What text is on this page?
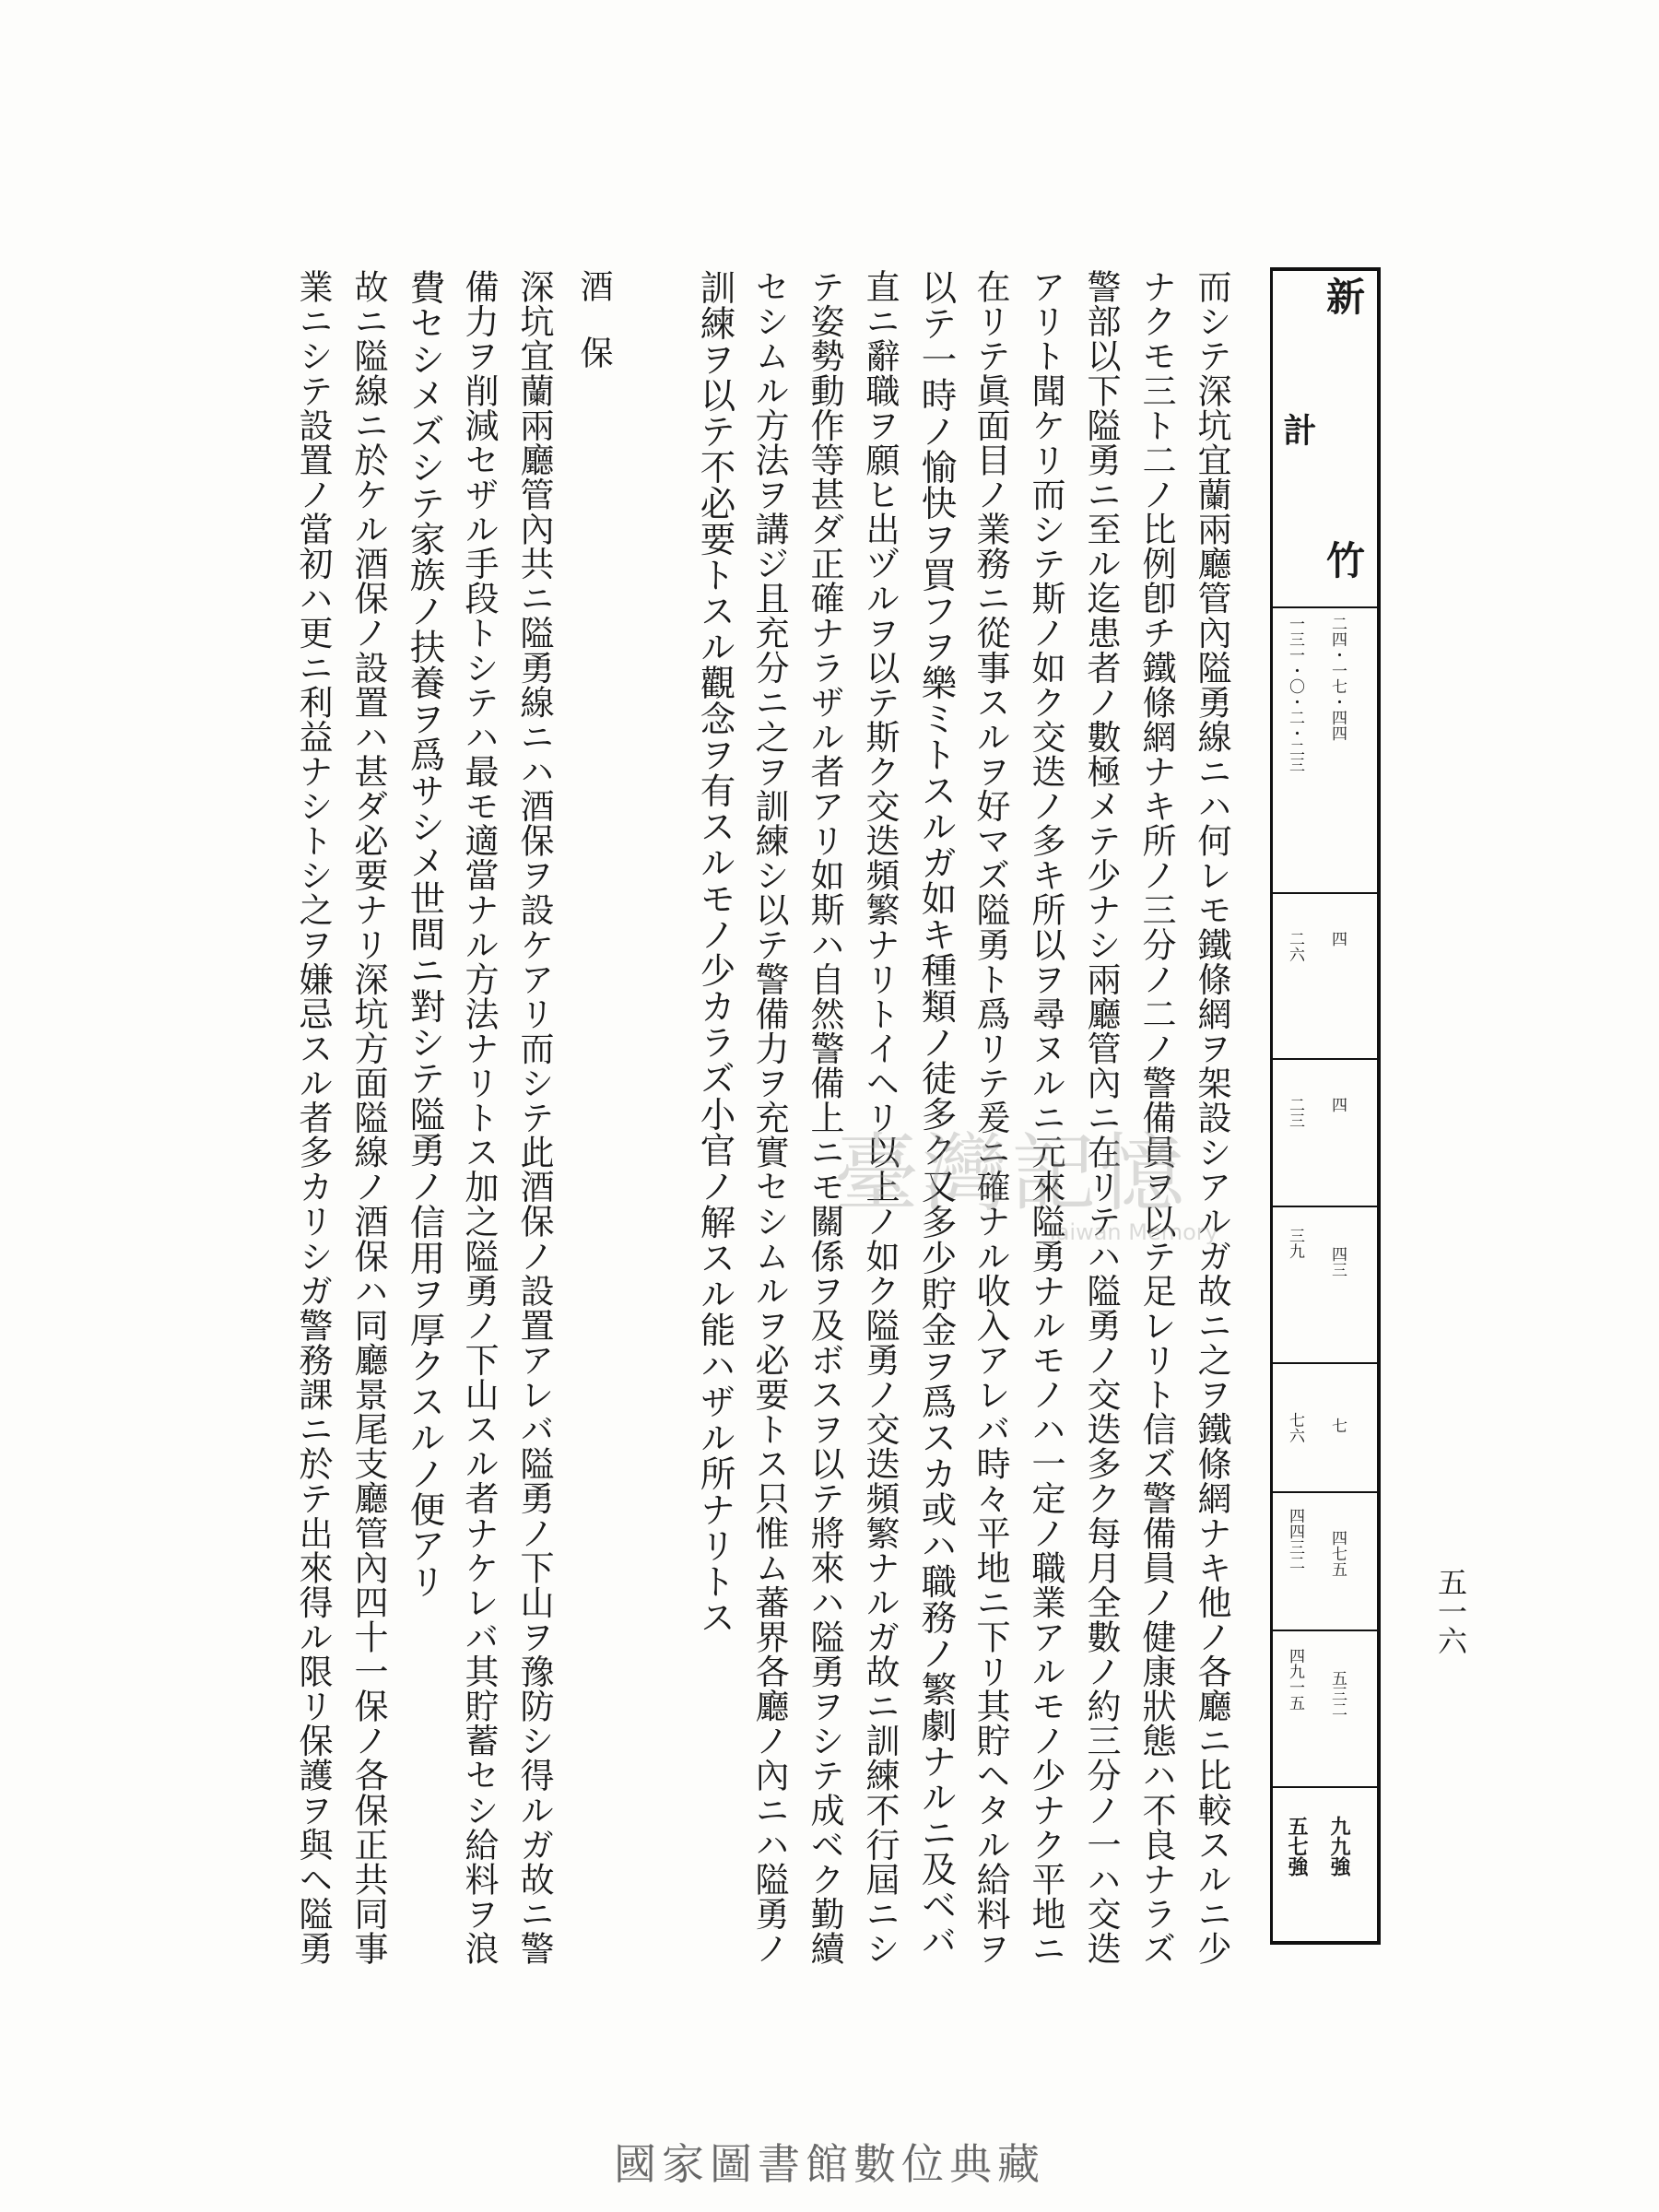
新
竹
計
二四・一七・四四
四
四
四三
七
四七五
五三二
九九強
一三一・〇・二・二三
二六
二三
三九
七六
四四三二
四九一五
五七強
五一六
而シテ深坑宜蘭兩廳管內隘勇線ニハ何レモ鐵條網ヲ架設シアルガ故ニ之ヲ鐵條網ナキ他ノ各廳ニ比較スルニ少
ナクモ三ト二ノ比例卽チ鐵條網ナキ所ノ三分ノ二ノ警備員ヲ以テ足レリト信ズ警備員ノ健康狀態ハ不良ナラズ
警部以下隘勇ニ至ル迄患者ノ數極メテ少ナシ兩廳管內ニ在リテハ隘勇ノ交迭多ク每月全數ノ約三分ノ一ハ交迭
アリト聞ケリ而シテ斯ノ如ク交迭ノ多キ所以ヲ尋ヌルニ元來隘勇ナルモノハ一定ノ職業アルモノ少ナク平地ニ
在リテ眞面目ノ業務ニ從事スルヲ好マズ隘勇ト爲リテ爰ニ確ナル收入アレバ時々平地ニ下リ其貯ヘタル給料ヲ
以テ一時ノ愉快ヲ買フヲ樂ミトスルガ如キ種類ノ徒多ク又多少貯金ヲ爲スカ或ハ職務ノ繁劇ナルニ及ベバ
直ニ辭職ヲ願ヒ出ヅルヲ以テ斯ク交迭頻繁ナリトイヘリ以上ノ如ク隘勇ノ交迭頻繁ナルガ故ニ訓練不行屆ニシ
テ姿勢動作等甚ダ正確ナラザル者アリ如斯ハ自然警備上ニモ關係ヲ及ボスヲ以テ將來ハ隘勇ヲシテ成ベク勤續
セシムル方法ヲ講ジ且充分ニ之ヲ訓練シ以テ警備力ヲ充實セシムルヲ必要トス只惟ム蕃界各廳ノ內ニハ隘勇ノ
訓練ヲ以テ不必要トスル觀念ヲ有スルモノ少カラズ小官ノ解スル能ハザル所ナリトス
酒　保
深坑宜蘭兩廳管內共ニ隘勇線ニハ酒保ヲ設ケアリ而シテ此酒保ノ設置アレバ隘勇ノ下山ヲ豫防シ得ルガ故ニ警
備力ヲ削減セザル手段トシテハ最モ適當ナル方法ナリトス加之隘勇ノ下山スル者ナケレバ其貯蓄セシ給料ヲ浪
費セシメズシテ家族ノ扶養ヲ爲サシメ世間ニ對シテ隘勇ノ信用ヲ厚クスルノ便アリ
故ニ隘線ニ於ケル酒保ノ設置ハ甚ダ必要ナリ深坑方面隘線ノ酒保ハ同廳景尾支廳管內四十一保ノ各保正共同事
業ニシテ設置ノ當初ハ更ニ利益ナシトシ之ヲ嫌忌スル者多カリシガ警務課ニ於テ出來得ル限リ保護ヲ與ヘ隘勇	臺灣記憶
Taiwan Memory
國家圖書館數位典藏
